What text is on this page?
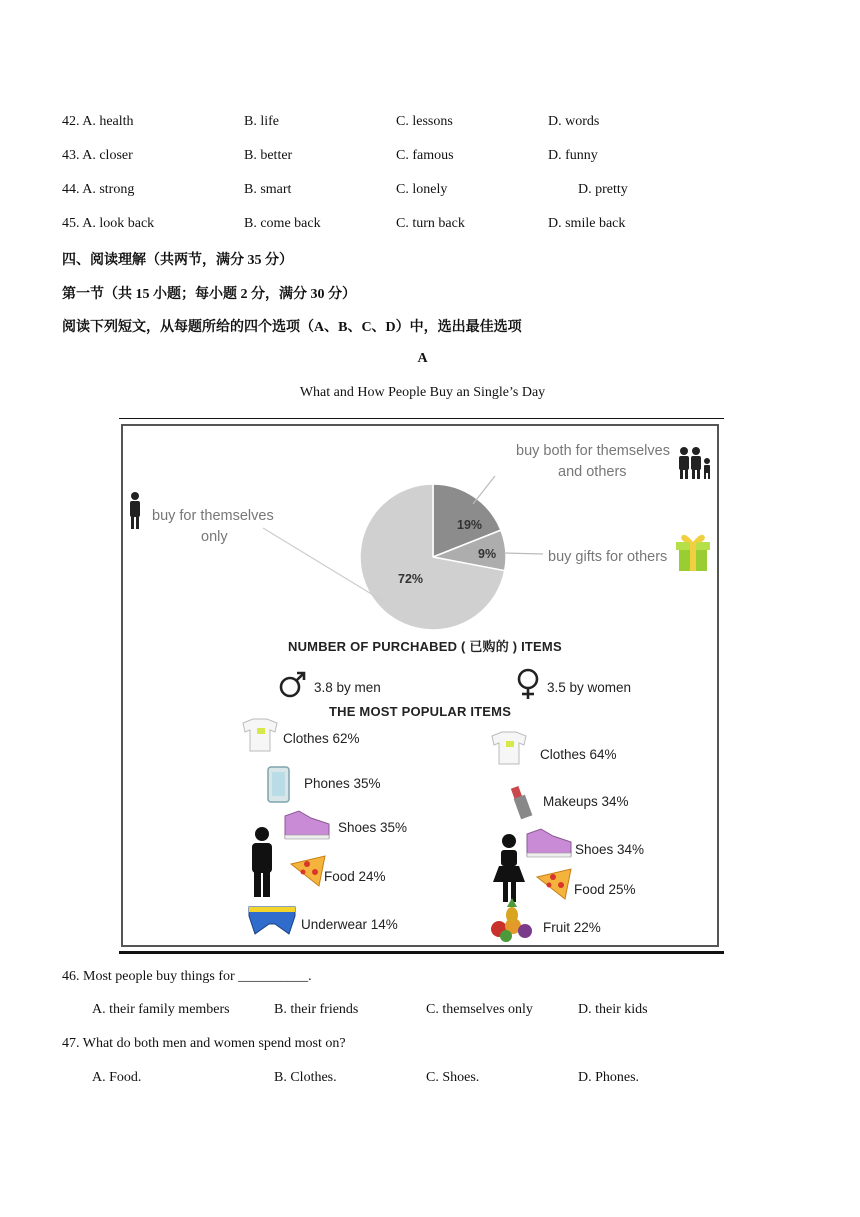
42. A. health	B. life	C. lessons	D. words
43. A. closer	B. better	C. famous	D. funny
44. A. strong	B. smart	C. lonely	D. pretty
45. A. look back	B. come back	C. turn back	D. smile back
四、阅读理解（共两节，满分 35 分）
第一节（共 15 小题；每小题 2 分，满分 30 分）
阅读下列短文，从每题所给的四个选项（A、B、C、D）中，选出最佳选项
A
What and How People Buy an Single’s Day
19%
9%
72%
buy both for themselves
and others
buy for themselves
only
buy gifts for others
NUMBER OF PURCHABED ( 已购的 ) ITEMS
3.8 by men	3.5 by women
THE MOST POPULAR ITEMS
Clothes 62%
Phones 35%
Shoes 35%
Food 24%
Underwear 14%
Clothes 64%
Makeups 34%
Shoes 34%
Food 25%
Fruit 22%
46. Most people buy things for __________.
A. their family members	B. their friends	C. themselves only	D. their kids
47. What do both men and women spend most on?
A. Food.	B. Clothes.	C. Shoes.	D. Phones.
